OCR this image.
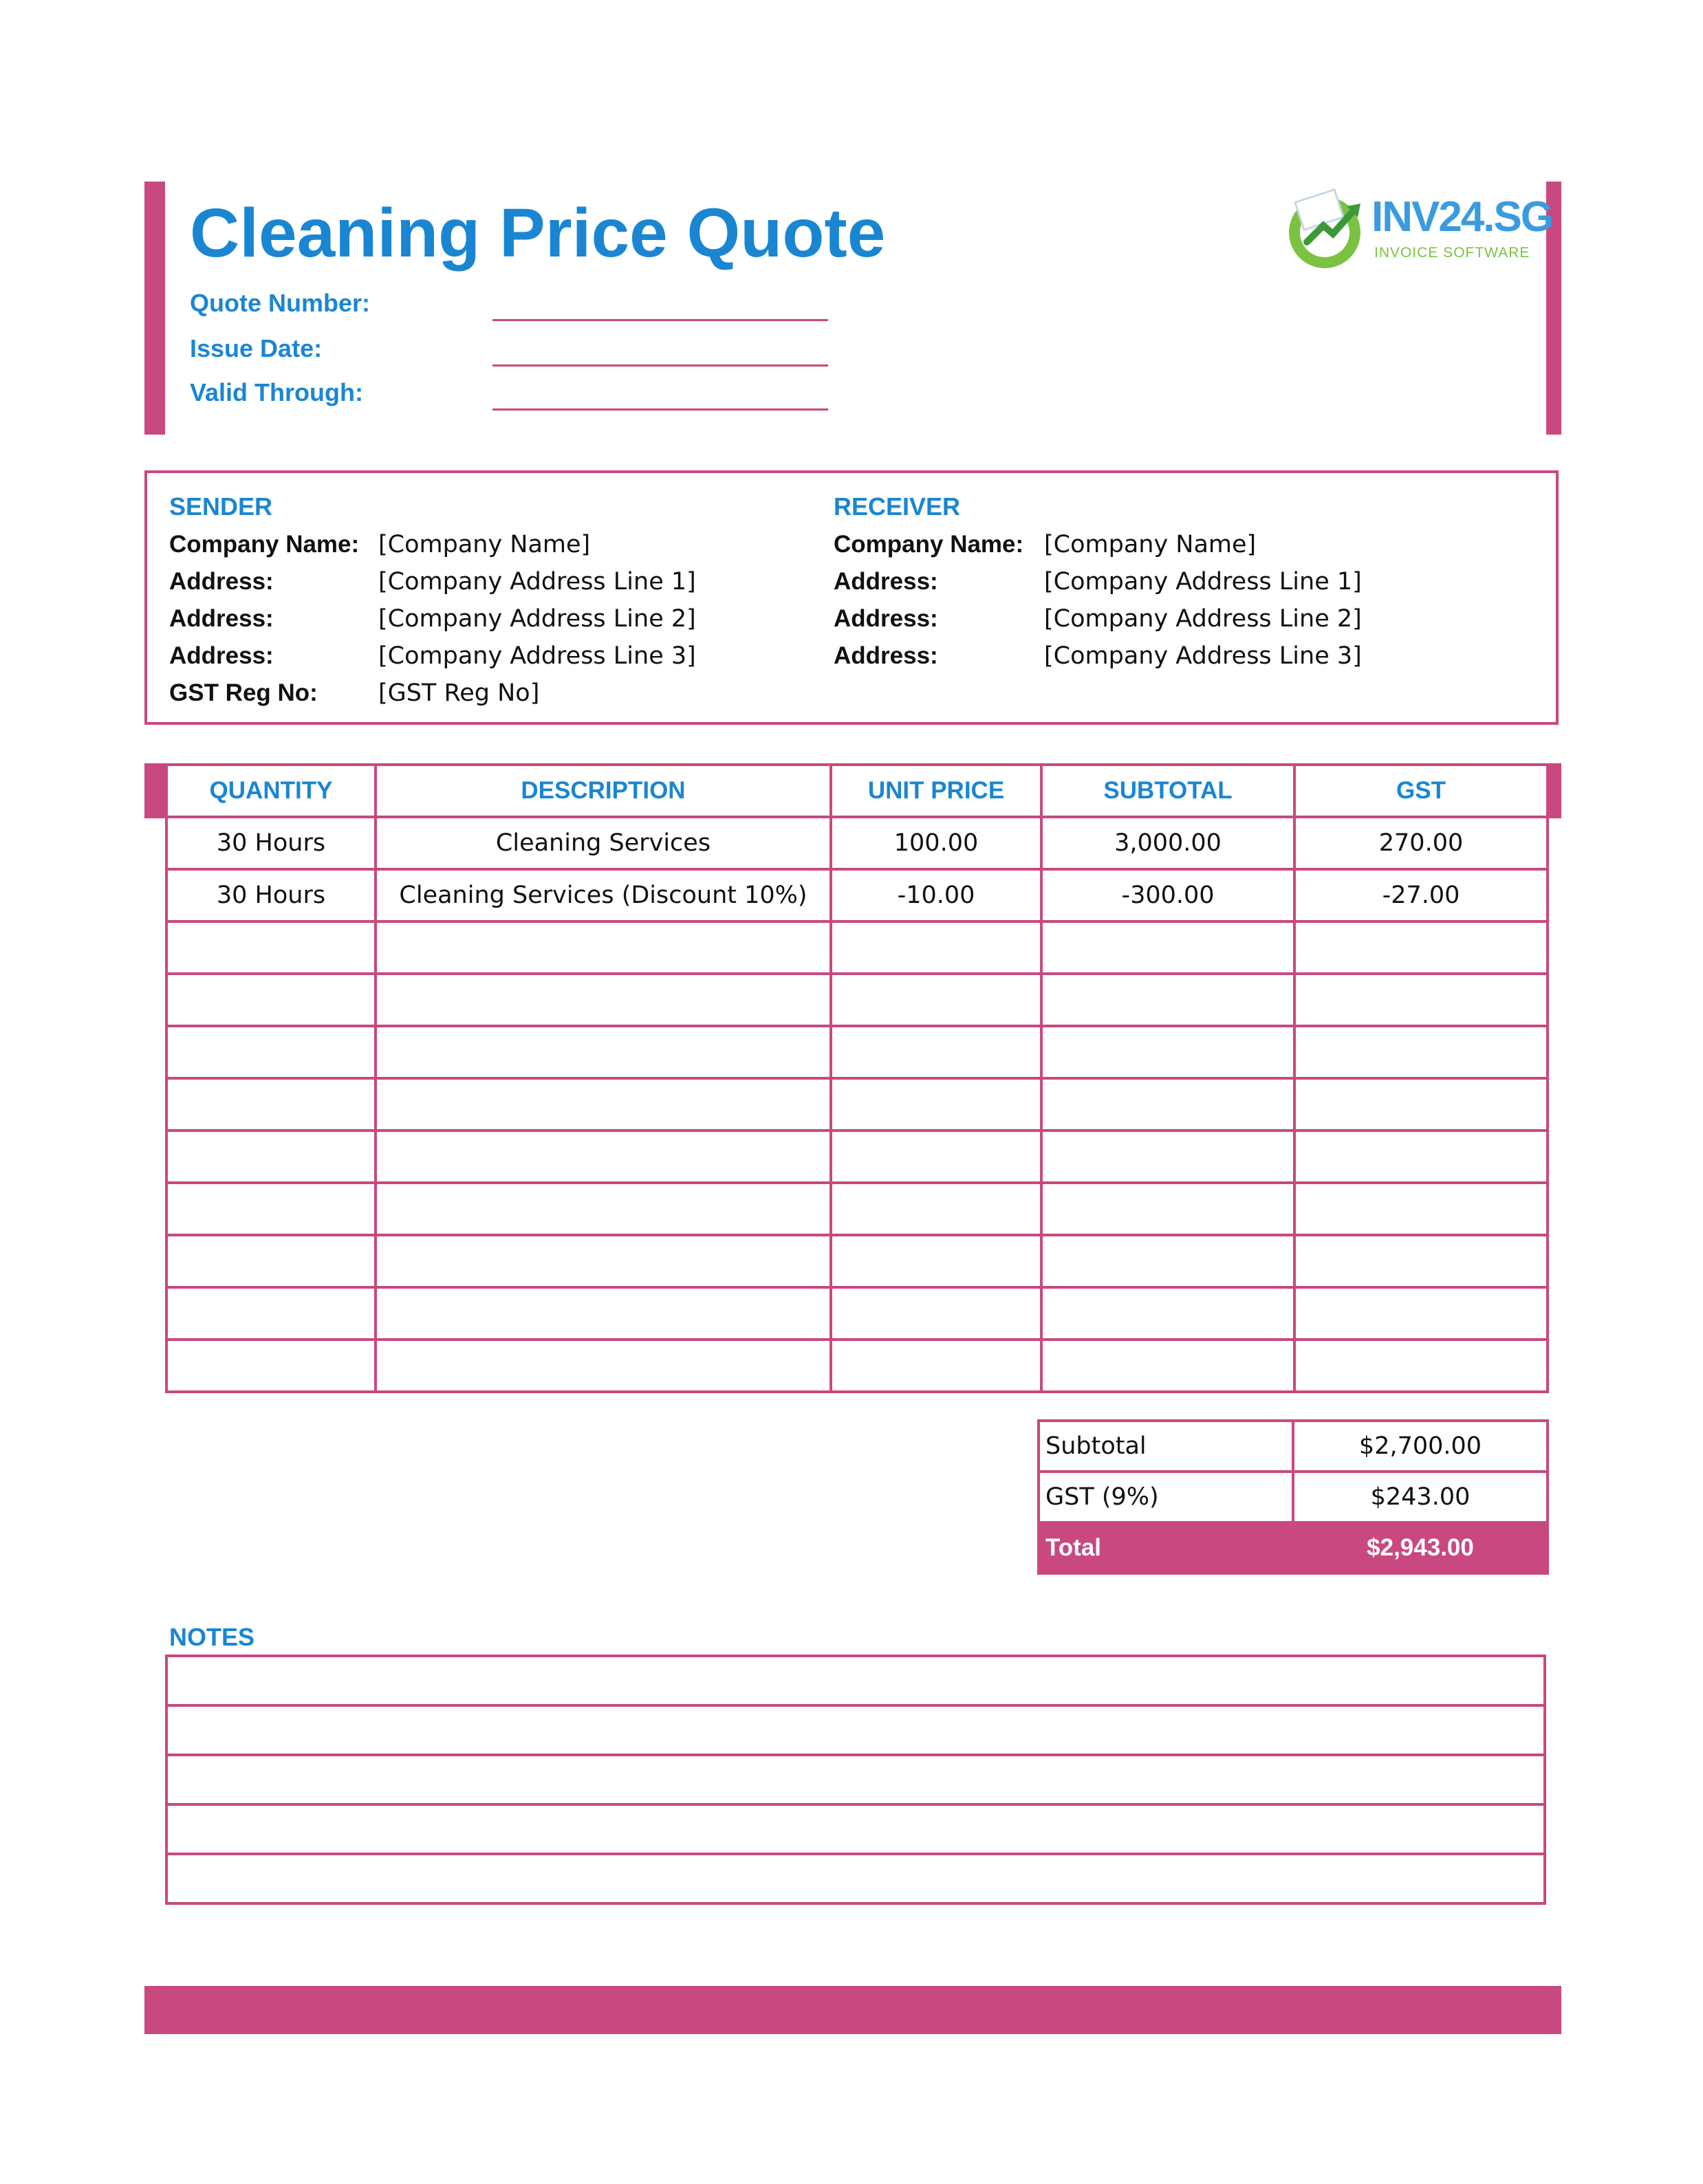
Cleaning Price Quote
Quote Number:
Issue Date:
Valid Through:
INV24.SG
INVOICE SOFTWARE
SENDER
Company Name: [Company Name]
Address:	[Company Address Line 1]
Address:	[Company Address Line 2]
Address:	[Company Address Line 3]
GST Reg No:	[GST Reg No]
RECEIVER
Company Name: [Company Name]
Address:	[Company Address Line 1]
Address:	[Company Address Line 2]
Address:	[Company Address Line 3]
QUANTITY	DESCRIPTION	UNIT PRICE	SUBTOTAL	GST
30 Hours	Cleaning Services	100.00	3,000.00	270.00
30 Hours	Cleaning Services (Discount 10%)	-10.00	-300.00	-27.00

Subtotal	$2,700.00
GST (9%)	$243.00
Total	$2,943.00
NOTES
